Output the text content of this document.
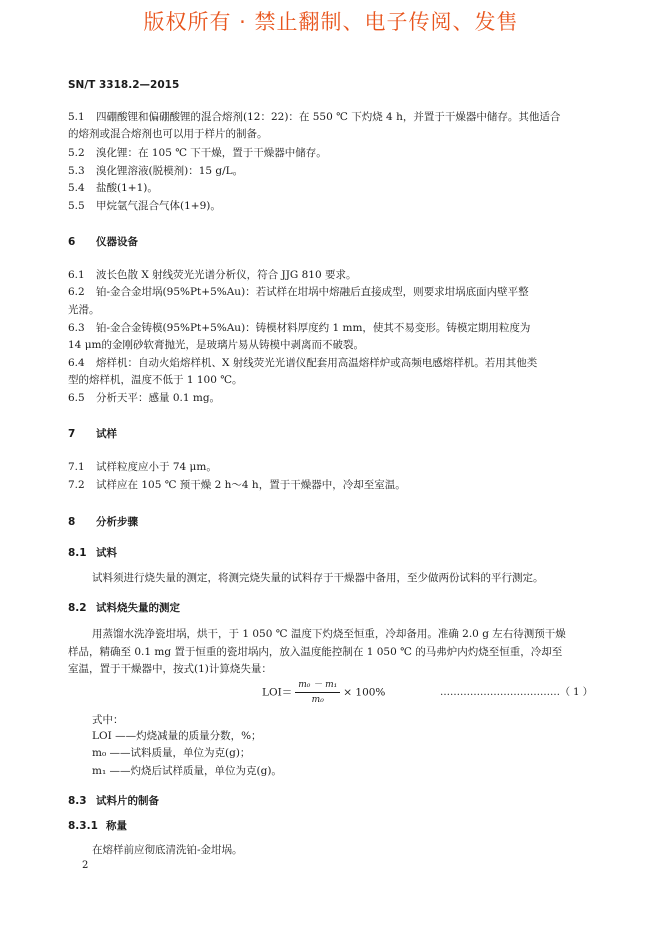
版权所有 · 禁止翻制、电子传阅、发售
SN/T 3318.2—2015
5.1 四硼酸锂和偏硼酸锂的混合熔剂(12：22)：在 550 ℃ 下灼烧 4 h，并置于干燥器中储存。其他适合
的熔剂或混合熔剂也可以用于样片的制备。
5.2 溴化锂：在 105 ℃ 下干燥，置于干燥器中储存。
5.3 溴化锂溶液(脱模剂)：15 g/L。
5.4 盐酸(1+1)。
5.5 甲烷氩气混合气体(1+9)。
6 仪器设备
6.1 波长色散 X 射线荧光光谱分析仪，符合 JJG 810 要求。
6.2 铂-金合金坩埚(95%Pt+5%Au)：若试样在坩埚中熔融后直接成型，则要求坩埚底面内壁平整
光滑。
6.3 铂-金合金铸模(95%Pt+5%Au)：铸模材料厚度约 1 mm，使其不易变形。铸模定期用粒度为
14 μm的金刚砂软膏抛光，是玻璃片易从铸模中剥离而不破裂。
6.4 熔样机：自动火焰熔样机、X 射线荧光光谱仪配套用高温熔样炉或高频电感熔样机。若用其他类
型的熔样机，温度不低于 1 100 ℃。
6.5 分析天平：感量 0.1 mg。
7 试样
7.1 试样粒度应小于 74 μm。
7.2 试样应在 105 ℃ 预干燥 2 h～4 h，置于干燥器中，冷却至室温。
8 分析步骤
8.1 试料
试料须进行烧失量的测定，将测完烧失量的试料存于干燥器中备用，至少做两份试料的平行测定。
8.2 试料烧失量的测定
用蒸馏水洗净瓷坩埚，烘干，于 1 050 ℃ 温度下灼烧至恒重，冷却备用。准确 2.0 g 左右待测预干燥
样品，精确至 0.1 mg 置于恒重的瓷坩埚内，放入温度能控制在 1 050 ℃ 的马弗炉内灼烧至恒重，冷却至
室温，置于干燥器中，按式(1)计算烧失量：
$LOI= \frac{\text{m₀ － m₁}}{\text{m₀}} \times 100\%$	………………………………（ 1 ）
式中：
LOI ——灼烧减量的质量分数，%；
m₀ ——试料质量，单位为克(g)；
m₁ ——灼烧后试样质量，单位为克(g)。
8.3 试料片的制备
8.3.1 称量
在熔样前应彻底清洗铂-金坩埚。
2
